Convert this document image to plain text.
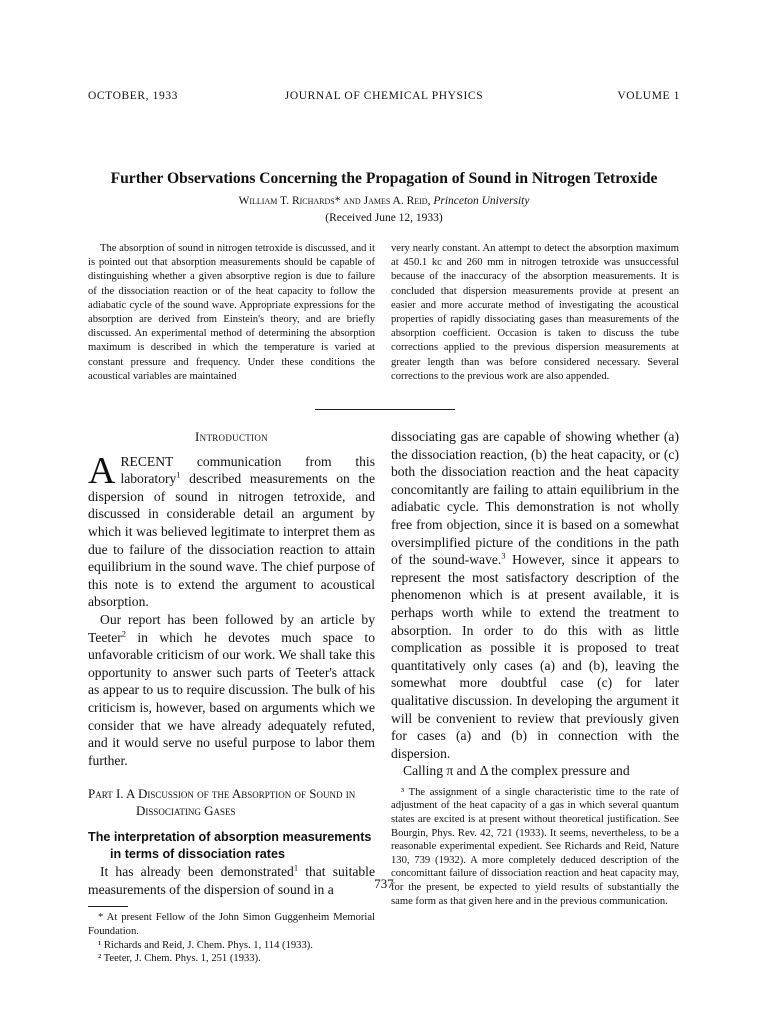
OCTOBER, 1933	JOURNAL OF CHEMICAL PHYSICS	VOLUME 1
Further Observations Concerning the Propagation of Sound in Nitrogen Tetroxide
William T. Richards* and James A. Reid, Princeton University
(Received June 12, 1933)
The absorption of sound in nitrogen tetroxide is discussed, and it is pointed out that absorption measurements should be capable of distinguishing whether a given absorptive region is due to failure of the dissociation reaction or of the heat capacity to follow the adiabatic cycle of the sound wave. Appropriate expressions for the absorption are derived from Einstein's theory, and are briefly discussed. An experimental method of determining the absorption maximum is described in which the temperature is varied at constant pressure and frequency. Under these conditions the acoustical variables are maintained
very nearly constant. An attempt to detect the absorption maximum at 450.1 kc and 260 mm in nitrogen tetroxide was unsuccessful because of the inaccuracy of the absorption measurements. It is concluded that dispersion measurements provide at present an easier and more accurate method of investigating the acoustical properties of rapidly dissociating gases than measurements of the absorption coefficient. Occasion is taken to discuss the tube corrections applied to the previous dispersion measurements at greater length than was before considered necessary. Several corrections to the previous work are also appended.
Introduction

ARECENT communication from this laboratory$^1$ described measurements on the dispersion of sound in nitrogen tetroxide, and discussed in considerable detail an argument by which it was believed legitimate to interpret them as due to failure of the dissociation reaction to attain equilibrium in the sound wave. The chief purpose of this note is to extend the argument to acoustical absorption.

Our report has been followed by an article by Teeter$^2$ in which he devotes much space to unfavorable criticism of our work. We shall take this opportunity to answer such parts of Teeter's attack as appear to us to require discussion. The bulk of his criticism is, however, based on arguments which we consider that we have already adequately refuted, and it would serve no useful purpose to labor them further.

Part I. A Discussion of the Absorption of Sound in Dissociating Gases
The interpretation of absorption measurements in terms of dissociation rates

It has already been demonstrated$^1$ that suitable measurements of the dispersion of sound in a

* At present Fellow of the John Simon Guggenheim Memorial Foundation.
¹ Richards and Reid, J. Chem. Phys. 1, 114 (1933).
² Teeter, J. Chem. Phys. 1, 251 (1933).

dissociating gas are capable of showing whether (a) the dissociation reaction, (b) the heat capacity, or (c) both the dissociation reaction and the heat capacity concomitantly are failing to attain equilibrium in the adiabatic cycle. This demonstration is not wholly free from objection, since it is based on a somewhat oversimplified picture of the conditions in the path of the sound-wave.$^3$ However, since it appears to represent the most satisfactory description of the phenomenon which is at present available, it is perhaps worth while to extend the treatment to absorption. In order to do this with as little complication as possible it is proposed to treat quantitatively only cases (a) and (b), leaving the somewhat more doubtful case (c) for later qualitative discussion. In developing the argument it will be convenient to review that previously given for cases (a) and (b) in connection with the dispersion.

Calling π and Δ the complex pressure and

³ The assignment of a single characteristic time to the rate of adjustment of the heat capacity of a gas in which several quantum states are excited is at present without theoretical justification. See Bourgin, Phys. Rev. 42, 721 (1933). It seems, nevertheless, to be a reasonable experimental expedient. See Richards and Reid, Nature 130, 739 (1932). A more completely deduced description of the concomittant failure of dissociation reaction and heat capacity may, for the present, be expected to yield results of substantially the same form as that given here and in the previous communication.
737
